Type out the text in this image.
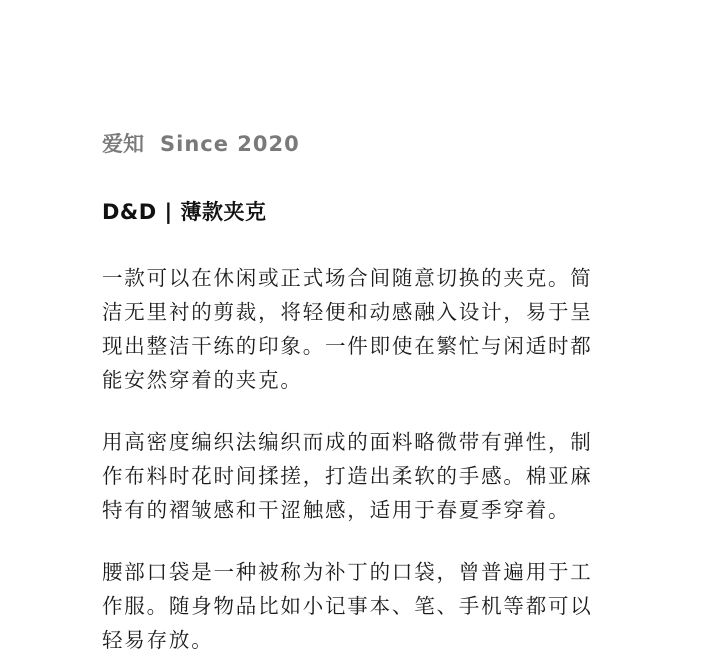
爱知 Since 2020
D&D | 薄款夹克

一款可以在休闲或正式场合间随意切换的夹克。简洁无里衬的剪裁，将轻便和动感融入设计，易于呈现出整洁干练的印象。一件即使在繁忙与闲适时都能安然穿着的夹克。

用高密度编织法编织而成的面料略微带有弹性，制作布料时花时间揉搓，打造出柔软的手感。棉亚麻特有的褶皱感和干涩触感，适用于春夏季穿着。

腰部口袋是一种被称为补丁的口袋，曾普遍用于工作服。随身物品比如小记事本、笔、手机等都可以轻易存放。
